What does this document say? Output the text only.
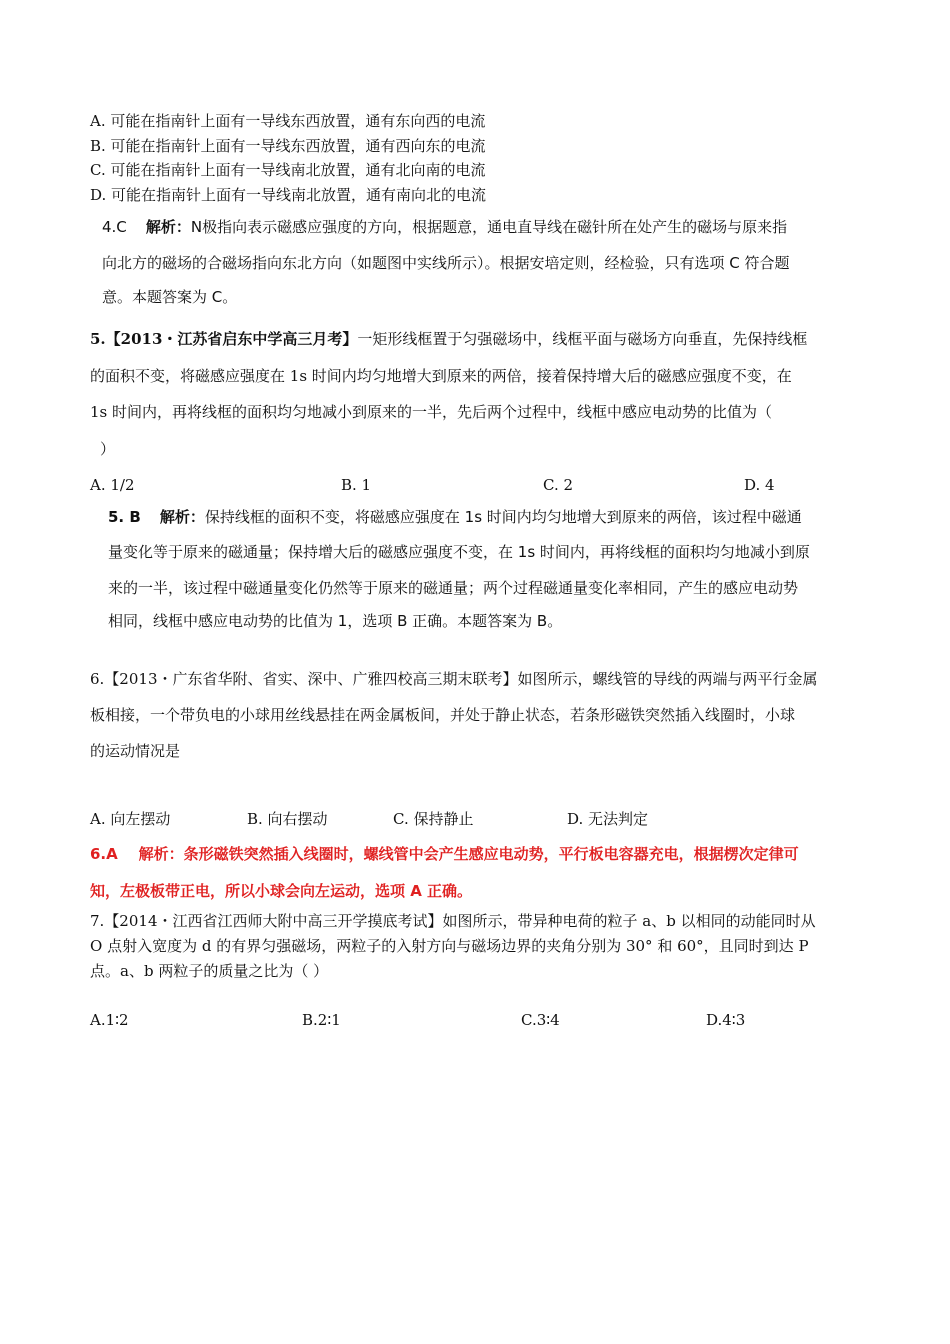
A. 可能在指南针上面有一导线东西放置，通有东向西的电流
B. 可能在指南针上面有一导线东西放置，通有西向东的电流
C. 可能在指南针上面有一导线南北放置，通有北向南的电流
D. 可能在指南针上面有一导线南北放置，通有南向北的电流
4.C 解析：N极指向表示磁感应强度的方向，根据题意，通电直导线在磁针所在处产生的磁场与原来指
向北方的磁场的合磁场指向东北方向（如题图中实线所示）。根据安培定则，经检验，只有选项 C 符合题
意。本题答案为 C。
5.【2013・江苏省启东中学高三月考】一矩形线框置于匀强磁场中，线框平面与磁场方向垂直，先保持线框
的面积不变，将磁感应强度在 1s 时间内均匀地增大到原来的两倍，接着保持增大后的磁感应强度不变，在
1s 时间内，再将线框的面积均匀地减小到原来的一半，先后两个过程中，线框中感应电动势的比值为（
）
A. 1/2	B. 1	C. 2	D. 4
5. B 解析：保持线框的面积不变，将磁感应强度在 1s 时间内均匀地增大到原来的两倍，该过程中磁通
量变化等于原来的磁通量；保持增大后的磁感应强度不变，在 1s 时间内，再将线框的面积均匀地减小到原
来的一半，该过程中磁通量变化仍然等于原来的磁通量；两个过程磁通量变化率相同，产生的感应电动势
相同，线框中感应电动势的比值为 1，选项 B 正确。本题答案为 B。
6.【2013・广东省华附、省实、深中、广雅四校高三期末联考】如图所示，螺线管的导线的两端与两平行金属
板相接，一个带负电的小球用丝线悬挂在两金属板间，并处于静止状态，若条形磁铁突然插入线圈时，小球
的运动情况是
A. 向左摆动	B. 向右摆动	C. 保持静止	D. 无法判定
6.A 解析：条形磁铁突然插入线圈时，螺线管中会产生感应电动势，平行板电容器充电，根据楞次定律可
知，左极板带正电，所以小球会向左运动，选项 A 正确。
7.【2014・江西省江西师大附中高三开学摸底考试】如图所示，带异种电荷的粒子 a、b 以相同的动能同时从
O 点射入宽度为 d 的有界匀强磁场，两粒子的入射方向与磁场边界的夹角分别为 30° 和 60°，且同时到达 P
点。a、b 两粒子的质量之比为（ ）
A.1∶2	B.2∶1	C.3∶4	D.4∶3
